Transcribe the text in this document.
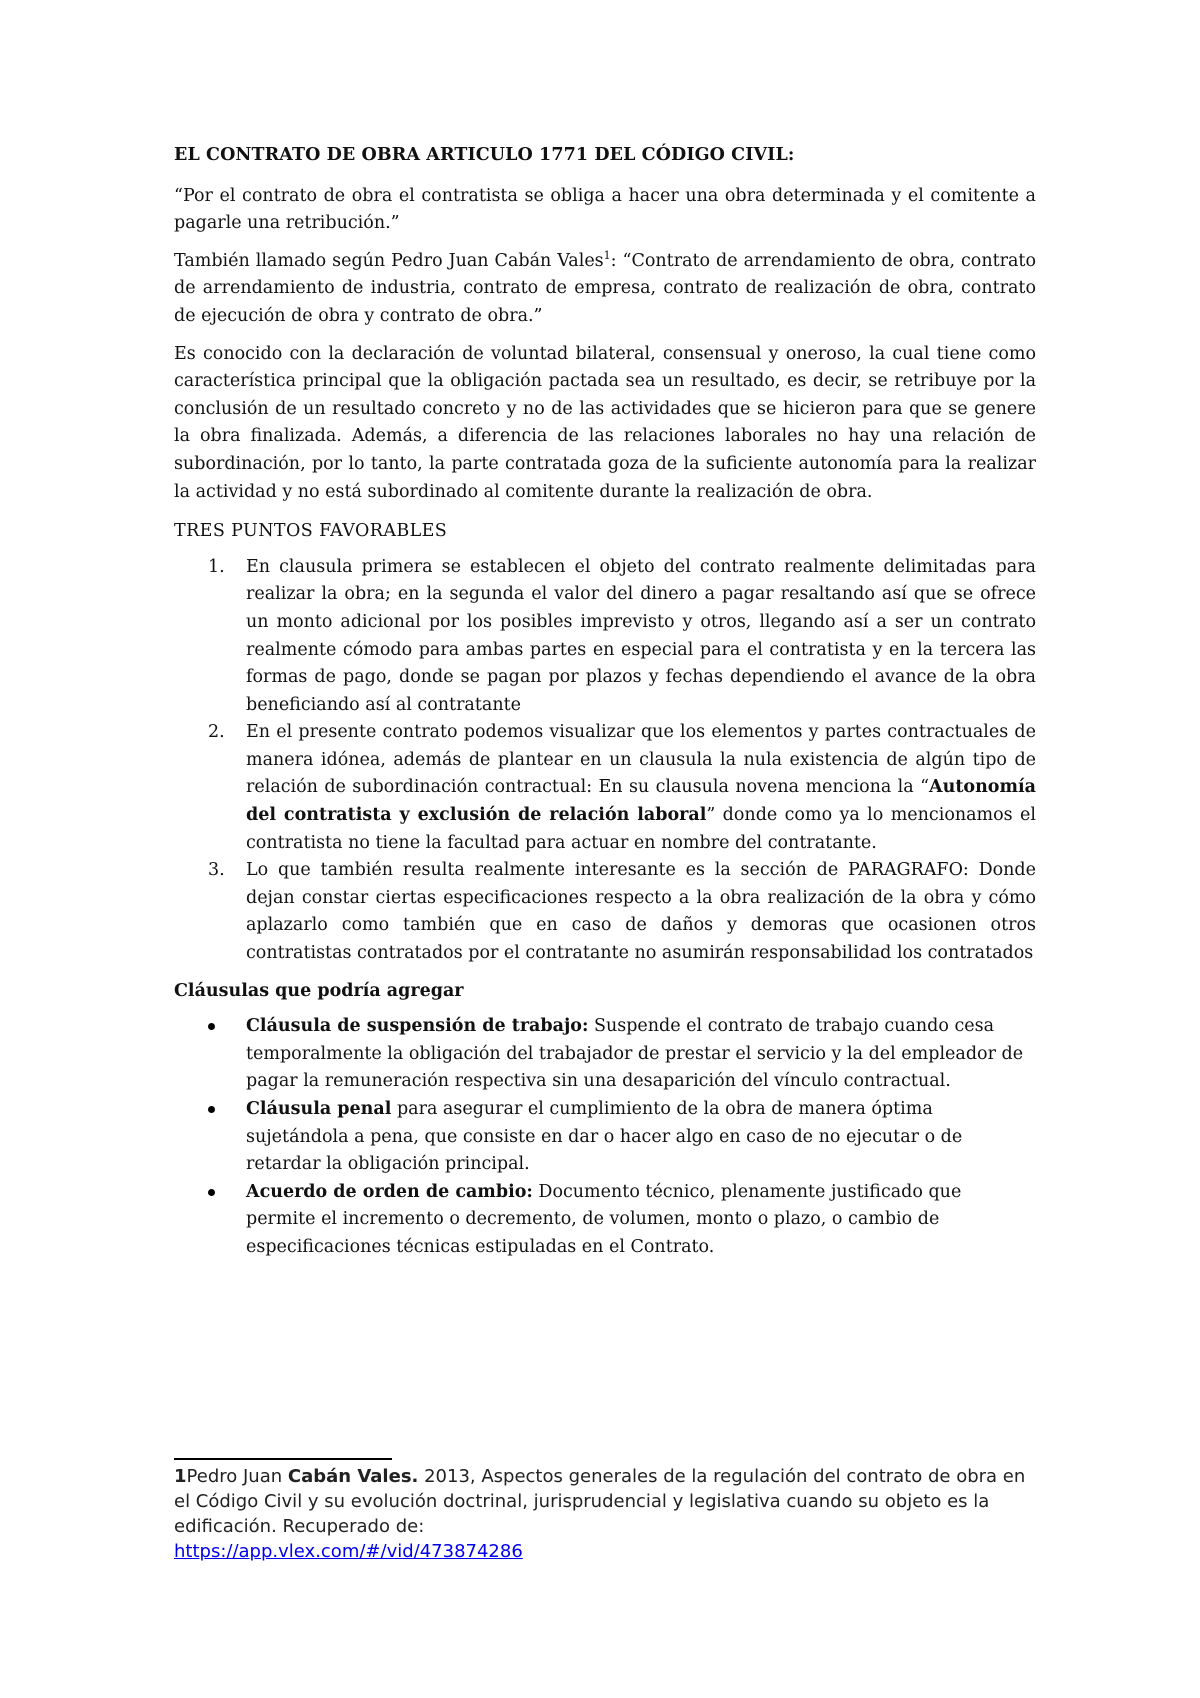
EL CONTRATO DE OBRA ARTICULO 1771 DEL CÓDIGO CIVIL:

“Por el contrato de obra el contratista se obliga a hacer una obra determinada y el comitente a pagarle una retribución.”

También llamado según Pedro Juan Cabán Vales$^1$: “Contrato de arrendamiento de obra, contrato de arrendamiento de industria, contrato de empresa, contrato de realización de obra, contrato de ejecución de obra y contrato de obra.”

Es conocido con la declaración de voluntad bilateral, consensual y oneroso, la cual tiene como característica principal que la obligación pactada sea un resultado, es decir, se retribuye por la conclusión de un resultado concreto y no de las actividades que se hicieron para que se genere la obra finalizada. Además, a diferencia de las relaciones laborales no hay una relación de subordinación, por lo tanto, la parte contratada goza de la suficiente autonomía para la realizar la actividad y no está subordinado al comitente durante la realización de obra.

TRES PUNTOS FAVORABLES

1. En clausula primera se establecen el objeto del contrato realmente delimitadas para realizar la obra; en la segunda el valor del dinero a pagar resaltando así que se ofrece un monto adicional por los posibles imprevisto y otros, llegando así a ser un contrato realmente cómodo para ambas partes en especial para el contratista y en la tercera las formas de pago, donde se pagan por plazos y fechas dependiendo el avance de la obra beneficiando así al contratante
2. En el presente contrato podemos visualizar que los elementos y partes contractuales de manera idónea, además de plantear en un clausula la nula existencia de algún tipo de relación de subordinación contractual: En su clausula novena menciona la “Autonomía del contratista y exclusión de relación laboral” donde como ya lo mencionamos el contratista no tiene la facultad para actuar en nombre del contratante.
3. Lo que también resulta realmente interesante es la sección de PARAGRAFO: Donde dejan constar ciertas especificaciones respecto a la obra realización de la obra y cómo aplazarlo como también que en caso de daños y demoras que ocasionen otros contratistas contratados por el contratante no asumirán responsabilidad los contratados

Cláusulas que podría agregar

Cláusula de suspensión de trabajo: Suspende el contrato de trabajo cuando cesa temporalmente la obligación del trabajador de prestar el servicio y la del empleador de pagar la remuneración respectiva sin una desaparición del vínculo contractual.
Cláusula penal para asegurar el cumplimiento de la obra de manera óptima sujetándola a pena, que consiste en dar o hacer algo en caso de no ejecutar o de retardar la obligación principal.
Acuerdo de orden de cambio: Documento técnico, plenamente justificado que permite el incremento o decremento, de volumen, monto o plazo, o cambio de especificaciones técnicas estipuladas en el Contrato.
1Pedro Juan Cabán Vales. 2013, Aspectos generales de la regulación del contrato de obra en el Código Civil y su evolución doctrinal, jurisprudencial y legislativa cuando su objeto es la edificación. Recuperado de:
https://app.vlex.com/#/vid/473874286
